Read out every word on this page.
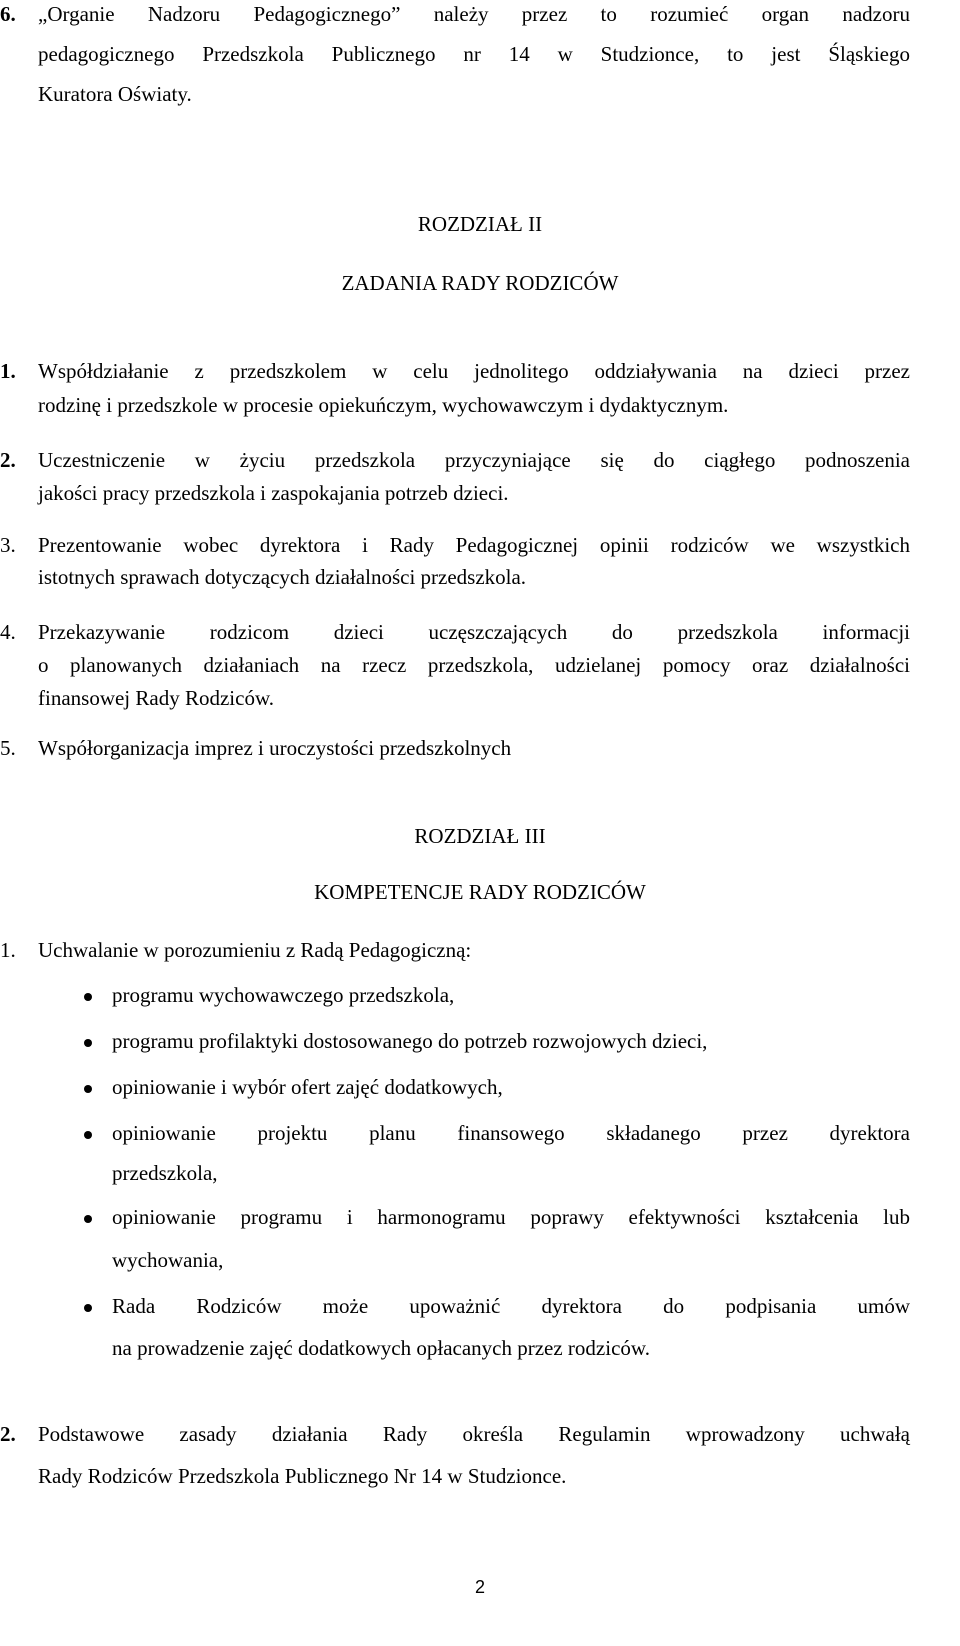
6. „Organie Nadzoru Pedagogicznego” należy przez to rozumieć organ nadzoru
pedagogicznego Przedszkola Publicznego nr 14 w Studzionce, to jest Śląskiego
Kuratora Oświaty.
ROZDZIAŁ II
ZADANIA RADY RODZICÓW
1. Współdziałanie z przedszkolem w celu jednolitego oddziaływania na dzieci przez
rodzinę i przedszkole w procesie opiekuńczym, wychowawczym i dydaktycznym.
2. Uczestniczenie w życiu przedszkola przyczyniające się do ciągłego podnoszenia
jakości pracy przedszkola i zaspokajania potrzeb dzieci.
3. Prezentowanie wobec dyrektora i Rady Pedagogicznej opinii rodziców we wszystkich
istotnych sprawach dotyczących działalności przedszkola.
4. Przekazywanie rodzicom dzieci uczęszczających do przedszkola informacji
o planowanych działaniach na rzecz przedszkola, udzielanej pomocy oraz działalności
finansowej Rady Rodziców.
5. Współorganizacja imprez i uroczystości przedszkolnych
ROZDZIAŁ III
KOMPETENCJE RADY RODZICÓW
1. Uchwalanie w porozumieniu z Radą Pedagogiczną:
programu wychowawczego przedszkola,
programu profilaktyki dostosowanego do potrzeb rozwojowych dzieci,
opiniowanie i wybór ofert zajęć dodatkowych,
opiniowanie projektu planu finansowego składanego przez dyrektora
przedszkola,
opiniowanie programu i harmonogramu poprawy efektywności kształcenia lub
wychowania,
Rada Rodziców może upoważnić dyrektora do podpisania umów
na prowadzenie zajęć dodatkowych opłacanych przez rodziców.
2. Podstawowe zasady działania Rady określa Regulamin wprowadzony uchwałą
Rady Rodziców Przedszkola Publicznego Nr 14 w Studzionce.
2
